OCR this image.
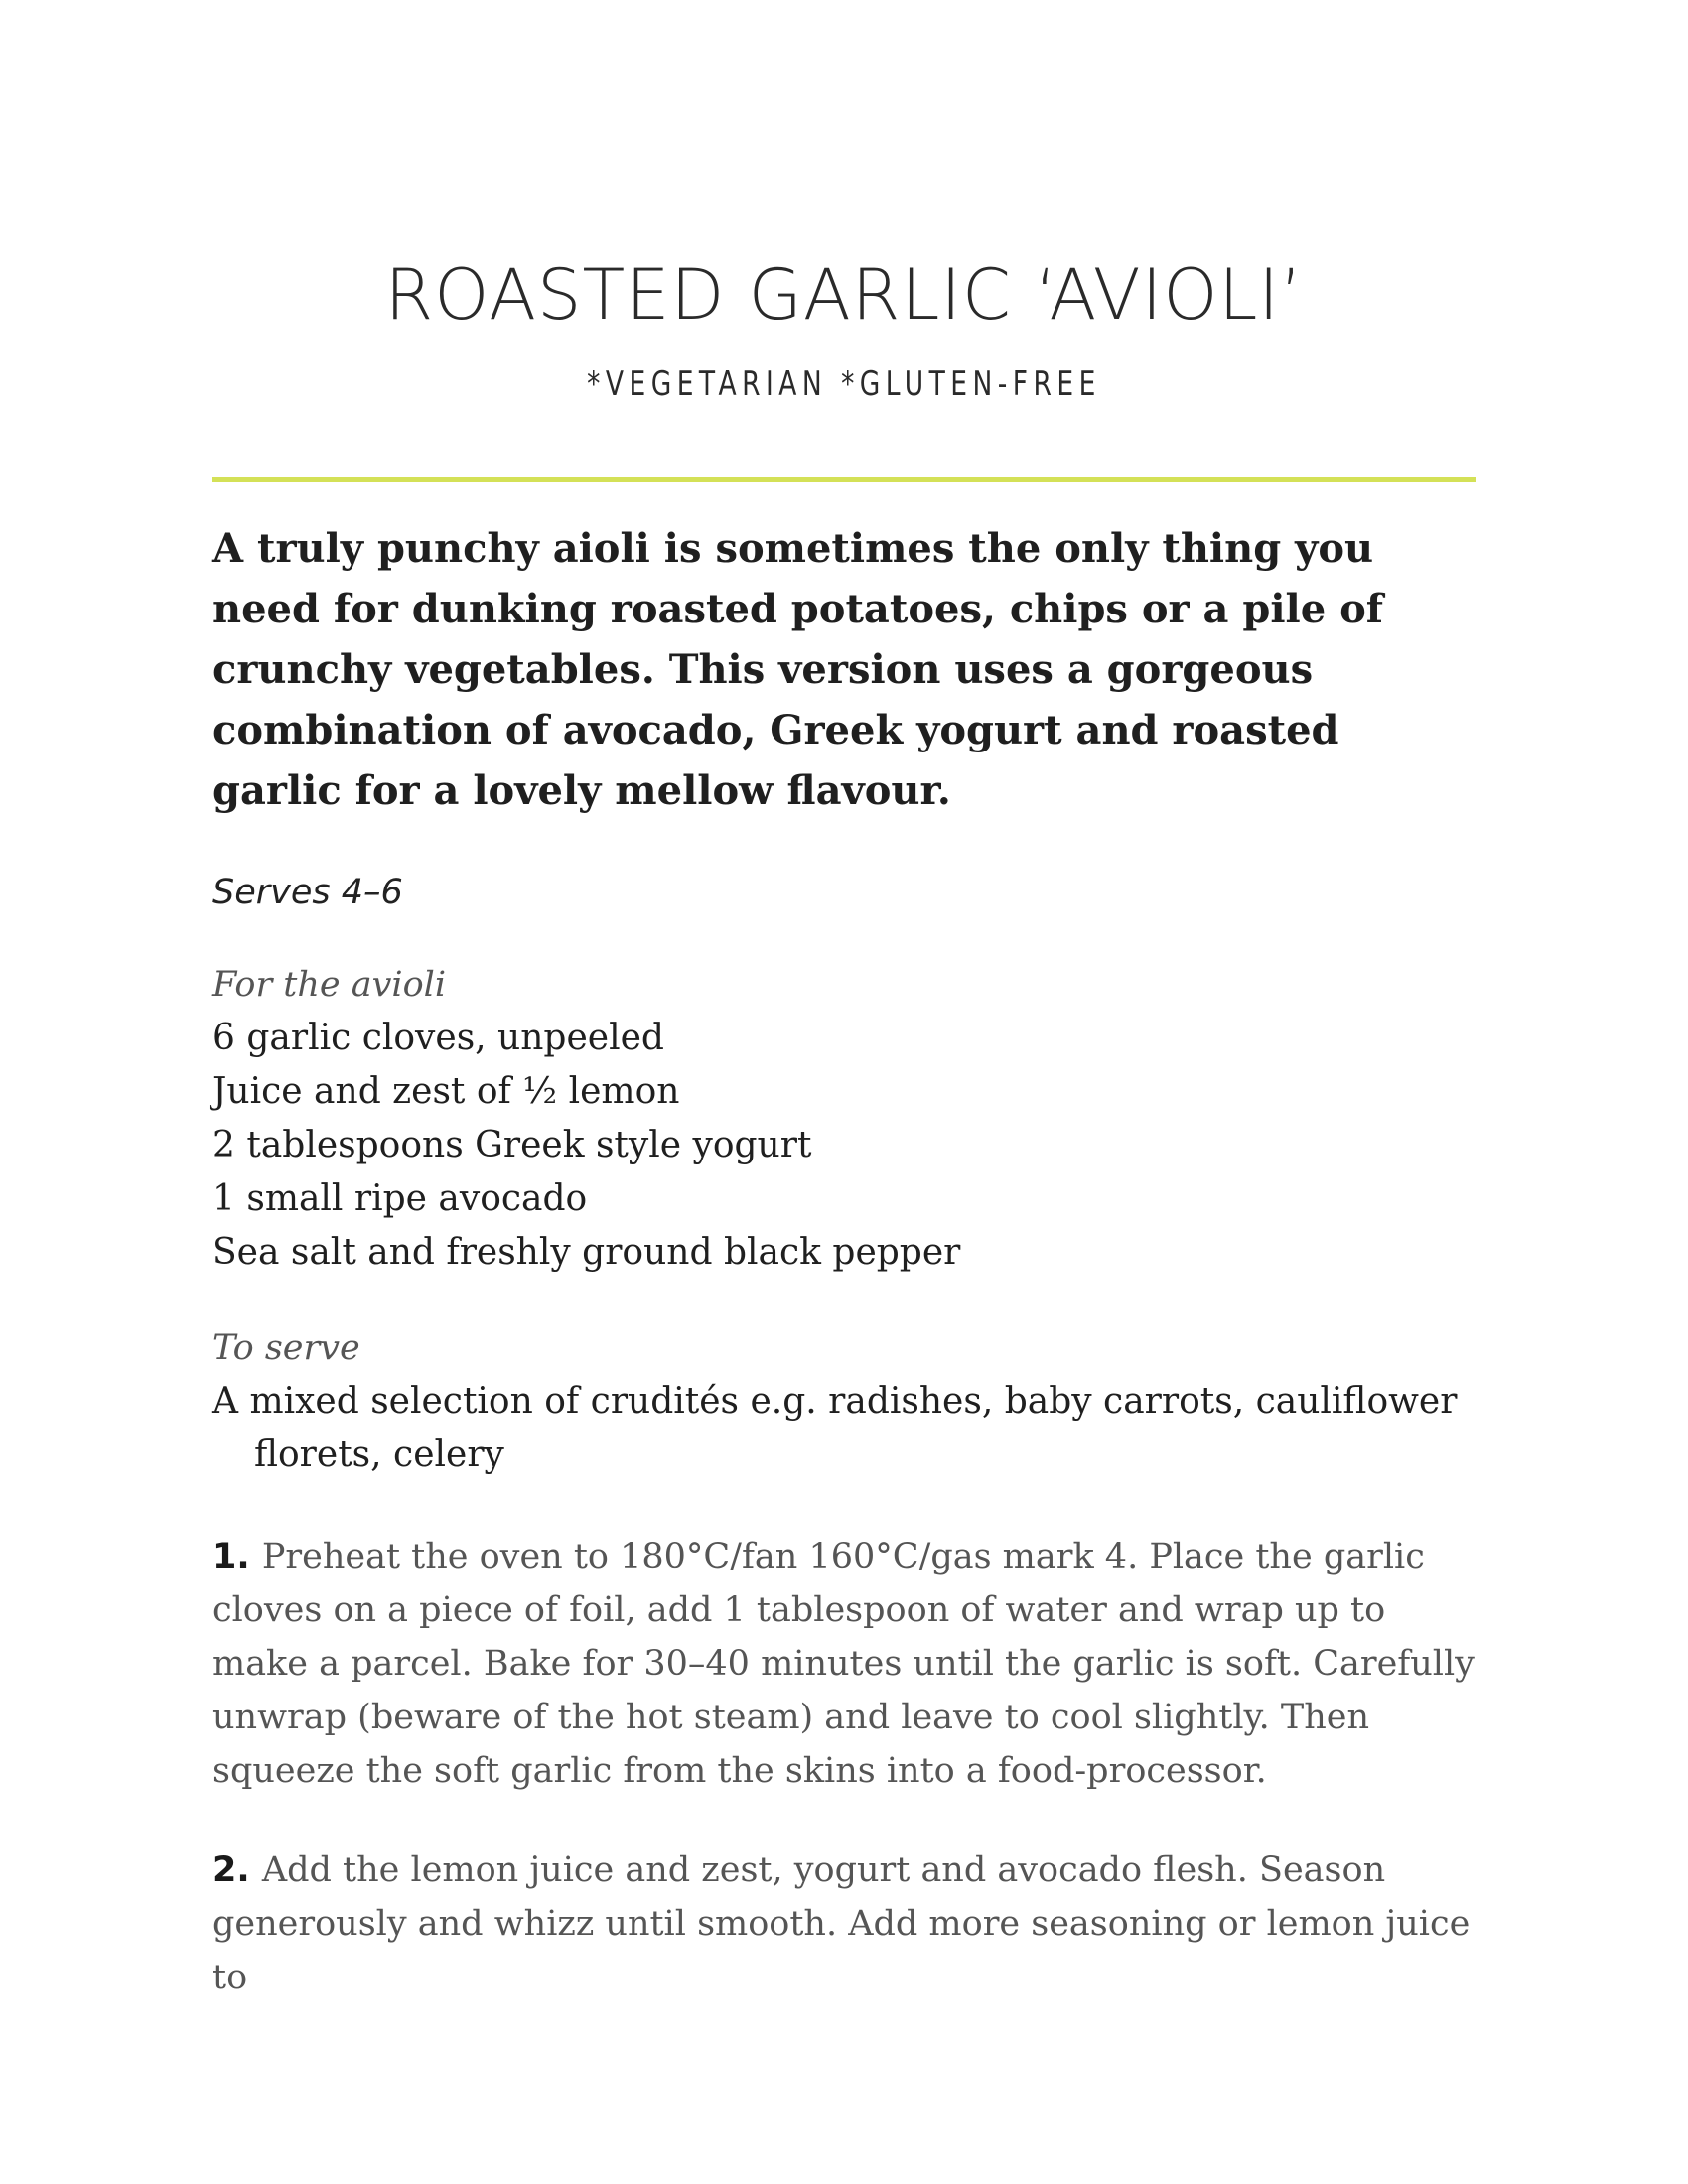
ROASTED GARLIC ‘AVIOLI’
*VEGETARIAN *GLUTEN-FREE

A truly punchy aioli is sometimes the only thing you need for dunking roasted potatoes, chips or a pile of crunchy vegetables. This version uses a gorgeous combination of avocado, Greek yogurt and roasted garlic for a lovely mellow flavour.

Serves 4–6
For the avioli
6 garlic cloves, unpeeled
Juice and zest of ½ lemon
2 tablespoons Greek style yogurt
1 small ripe avocado
Sea salt and freshly ground black pepper
To serve
A mixed selection of crudités e.g. radishes, baby carrots, cauliflower florets, celery
1. Preheat the oven to 180°C/fan 160°C/gas mark 4. Place the garlic cloves on a piece of foil, add 1 tablespoon of water and wrap up to make a parcel. Bake for 30–40 minutes until the garlic is soft. Carefully unwrap (beware of the hot steam) and leave to cool slightly. Then squeeze the soft garlic from the skins into a food-processor.
2. Add the lemon juice and zest, yogurt and avocado flesh. Season generously and whizz until smooth. Add more seasoning or lemon juice to
